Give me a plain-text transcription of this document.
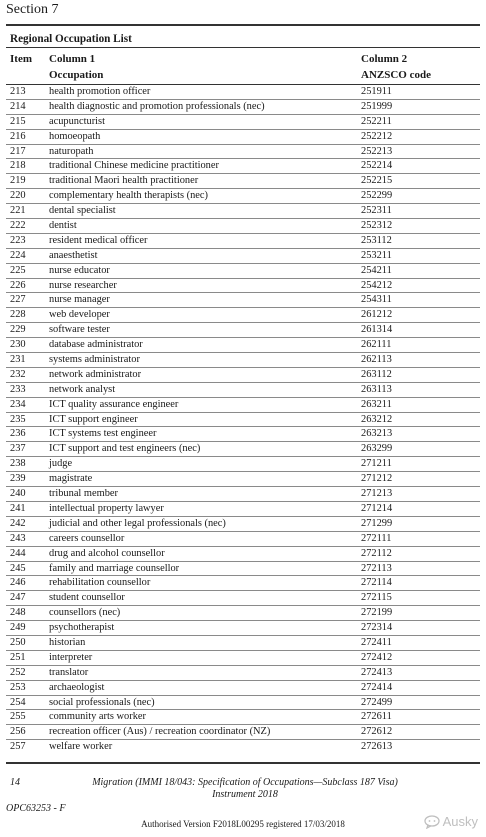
Section 7
Regional Occupation List
Item Column 1	Column 2
Occupation	ANZSCO code
213 health promotion officer	251911
214 health diagnostic and promotion professionals (nec)	251999
215 acupuncturist	252211
216 homoeopath	252212
217 naturopath	252213
218 traditional Chinese medicine practitioner	252214
219 traditional Maori health practitioner	252215
220 complementary health therapists (nec)	252299
221 dental specialist	252311
222 dentist	252312
223 resident medical officer	253112
224 anaesthetist	253211
225 nurse educator	254211
226 nurse researcher	254212
227 nurse manager	254311
228 web developer	261212
229 software tester	261314
230 database administrator	262111
231 systems administrator	262113
232 network administrator	263112
233 network analyst	263113
234 ICT quality assurance engineer	263211
235 ICT support engineer	263212
236 ICT systems test engineer	263213
237 ICT support and test engineers (nec)	263299
238 judge	271211
239 magistrate	271212
240 tribunal member	271213
241 intellectual property lawyer	271214
242 judicial and other legal professionals (nec)	271299
243 careers counsellor	272111
244 drug and alcohol counsellor	272112
245 family and marriage counsellor	272113
246 rehabilitation counsellor	272114
247 student counsellor	272115
248 counsellors (nec)	272199
249 psychotherapist	272314
250 historian	272411
251 interpreter	272412
252 translator	272413
253 archaeologist	272414
254 social professionals (nec)	272499
255 community arts worker	272611
256 recreation officer (Aus) / recreation coordinator (NZ)	272612
257 welfare worker	272613
14	Migration (IMMI 18/043: Specification of Occupations—Subclass 187 Visa)
Instrument 2018
OPC63253 - F
Authorised Version F2018L00295 registered 17/03/2018	Ausky
